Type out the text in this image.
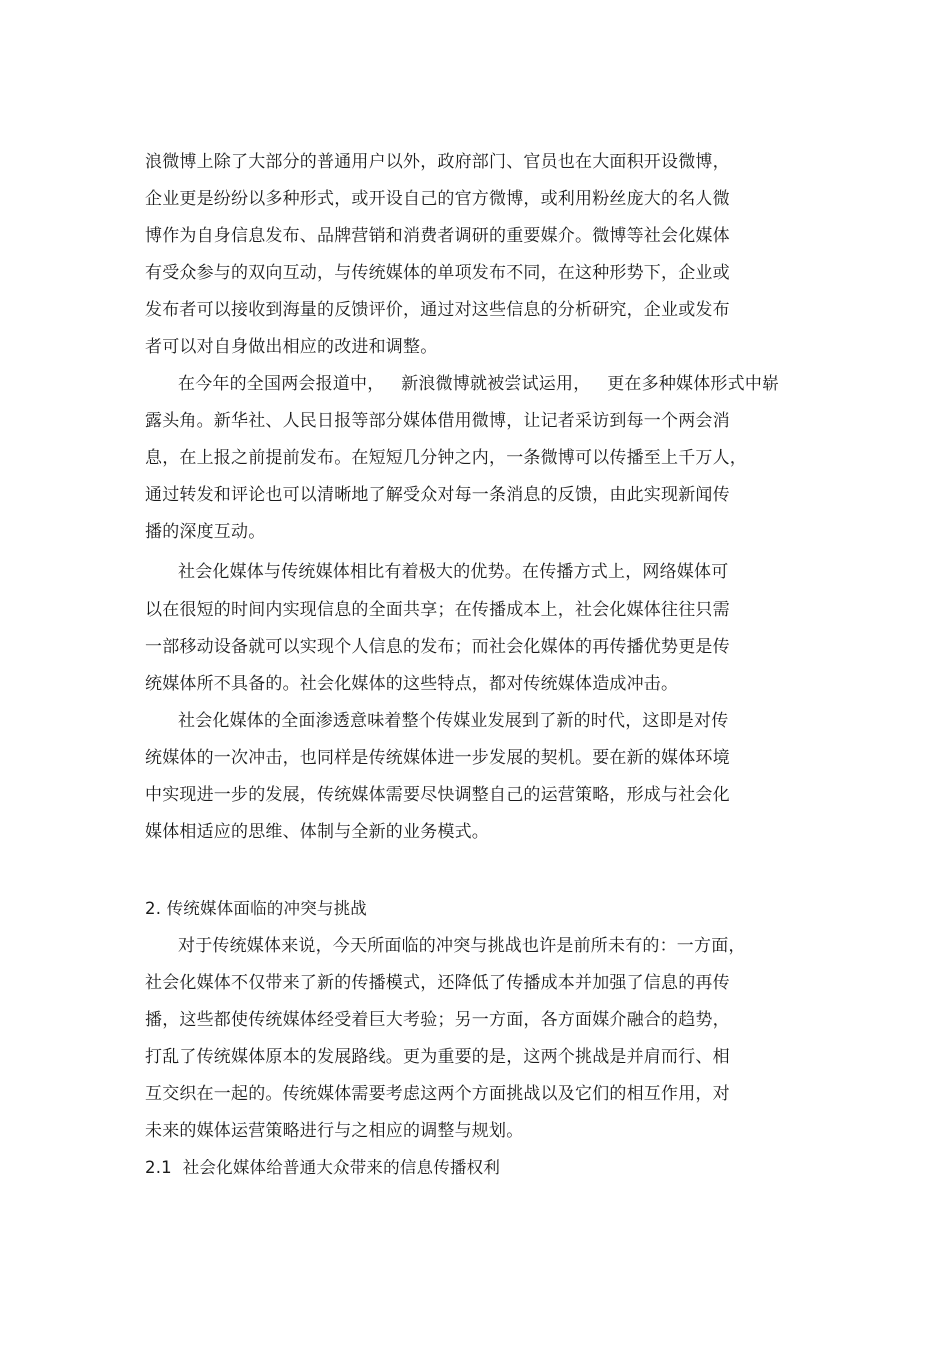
浪微博上除了大部分的普通用户以外，政府部门、官员也在大面积开设微博，
企业更是纷纷以多种形式，或开设自己的官方微博，或利用粉丝庞大的名人微
博作为自身信息发布、品牌营销和消费者调研的重要媒介。微博等社会化媒体
有受众参与的双向互动，与传统媒体的单项发布不同，在这种形势下，企业或
发布者可以接收到海量的反馈评价，通过对这些信息的分析研究，企业或发布
者可以对自身做出相应的改进和调整。
在今年的全国两会报道中，   新浪微博就被尝试运用，   更在多种媒体形式中崭
露头角。新华社、人民日报等部分媒体借用微博，让记者采访到每一个两会消
息，在上报之前提前发布。在短短几分钟之内，一条微博可以传播至上千万人，
通过转发和评论也可以清晰地了解受众对每一条消息的反馈，由此实现新闻传
播的深度互动。
社会化媒体与传统媒体相比有着极大的优势。在传播方式上，网络媒体可
以在很短的时间内实现信息的全面共享；在传播成本上，社会化媒体往往只需
一部移动设备就可以实现个人信息的发布；而社会化媒体的再传播优势更是传
统媒体所不具备的。社会化媒体的这些特点，都对传统媒体造成冲击。
社会化媒体的全面渗透意味着整个传媒业发展到了新的时代，这即是对传
统媒体的一次冲击，也同样是传统媒体进一步发展的契机。要在新的媒体环境
中实现进一步的发展，传统媒体需要尽快调整自己的运营策略，形成与社会化
媒体相适应的思维、体制与全新的业务模式。
2. 传统媒体面临的冲突与挑战
对于传统媒体来说，今天所面临的冲突与挑战也许是前所未有的：一方面，
社会化媒体不仅带来了新的传播模式，还降低了传播成本并加强了信息的再传
播，这些都使传统媒体经受着巨大考验；另一方面，各方面媒介融合的趋势，
打乱了传统媒体原本的发展路线。更为重要的是，这两个挑战是并肩而行、相
互交织在一起的。传统媒体需要考虑这两个方面挑战以及它们的相互作用，对
未来的媒体运营策略进行与之相应的调整与规划。
2.1  社会化媒体给普通大众带来的信息传播权利
